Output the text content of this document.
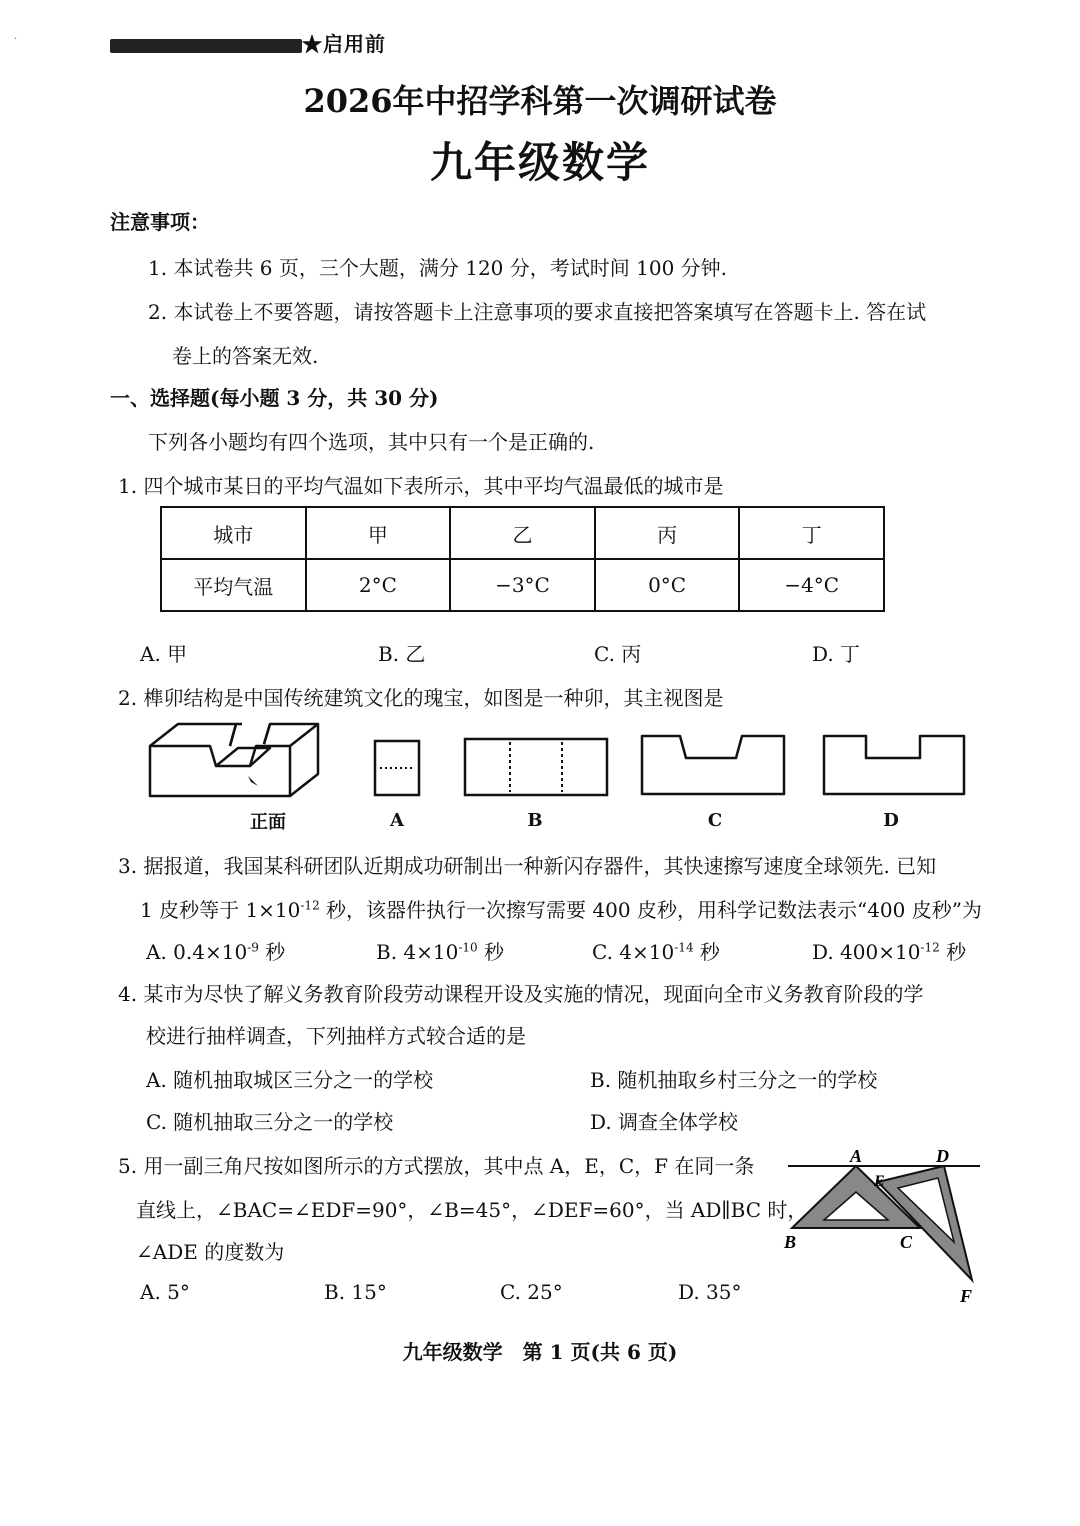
·	★启用前
2026年中招学科第一次调研试卷
九年级数学
注意事项：
1. 本试卷共 6 页，三个大题，满分 120 分，考试时间 100 分钟.
2. 本试卷上不要答题，请按答题卡上注意事项的要求直接把答案填写在答题卡上. 答在试
卷上的答案无效.
一、选择题(每小题 3 分，共 30 分)
下列各小题均有四个选项，其中只有一个是正确的.
1. 四个城市某日的平均气温如下表所示，其中平均气温最低的城市是
城市	甲	乙	丙	丁
平均气温	2°C	−3°C	0°C	−4°C
A. 甲	B. 乙	C. 丙	D. 丁
2. 榫卯结构是中国传统建筑文化的瑰宝，如图是一种卯，其主视图是
正面	A	B	C	D
3. 据报道，我国某科研团队近期成功研制出一种新闪存器件，其快速擦写速度全球领先. 已知
1 皮秒等于 $1\times 10^{-12}$ 秒，该器件执行一次擦写需要 400 皮秒，用科学记数法表示“400 皮秒”为
A. $0.4\times 10^{-9}$ 秒	B. $4\times 10^{-10}$ 秒	C. $4\times 10^{-14}$ 秒	D. $400\times 10^{-12}$ 秒
4. 某市为尽快了解义务教育阶段劳动课程开设及实施的情况，现面向全市义务教育阶段的学
校进行抽样调查，下列抽样方式较合适的是
A. 随机抽取城区三分之一的学校	B. 随机抽取乡村三分之一的学校
C. 随机抽取三分之一的学校	D. 调查全体学校
5. 用一副三角尺按如图所示的方式摆放，其中点 A，E，C，F 在同一条
直线上，∠BAC=∠EDF=90°，∠B=45°，∠DEF=60°，当 AD∥BC 时，
∠ADE 的度数为
A. 5°	B. 15°	C. 25°	D. 35°
A	D
E
B	C
F
九年级数学　第 1 页(共 6 页)
